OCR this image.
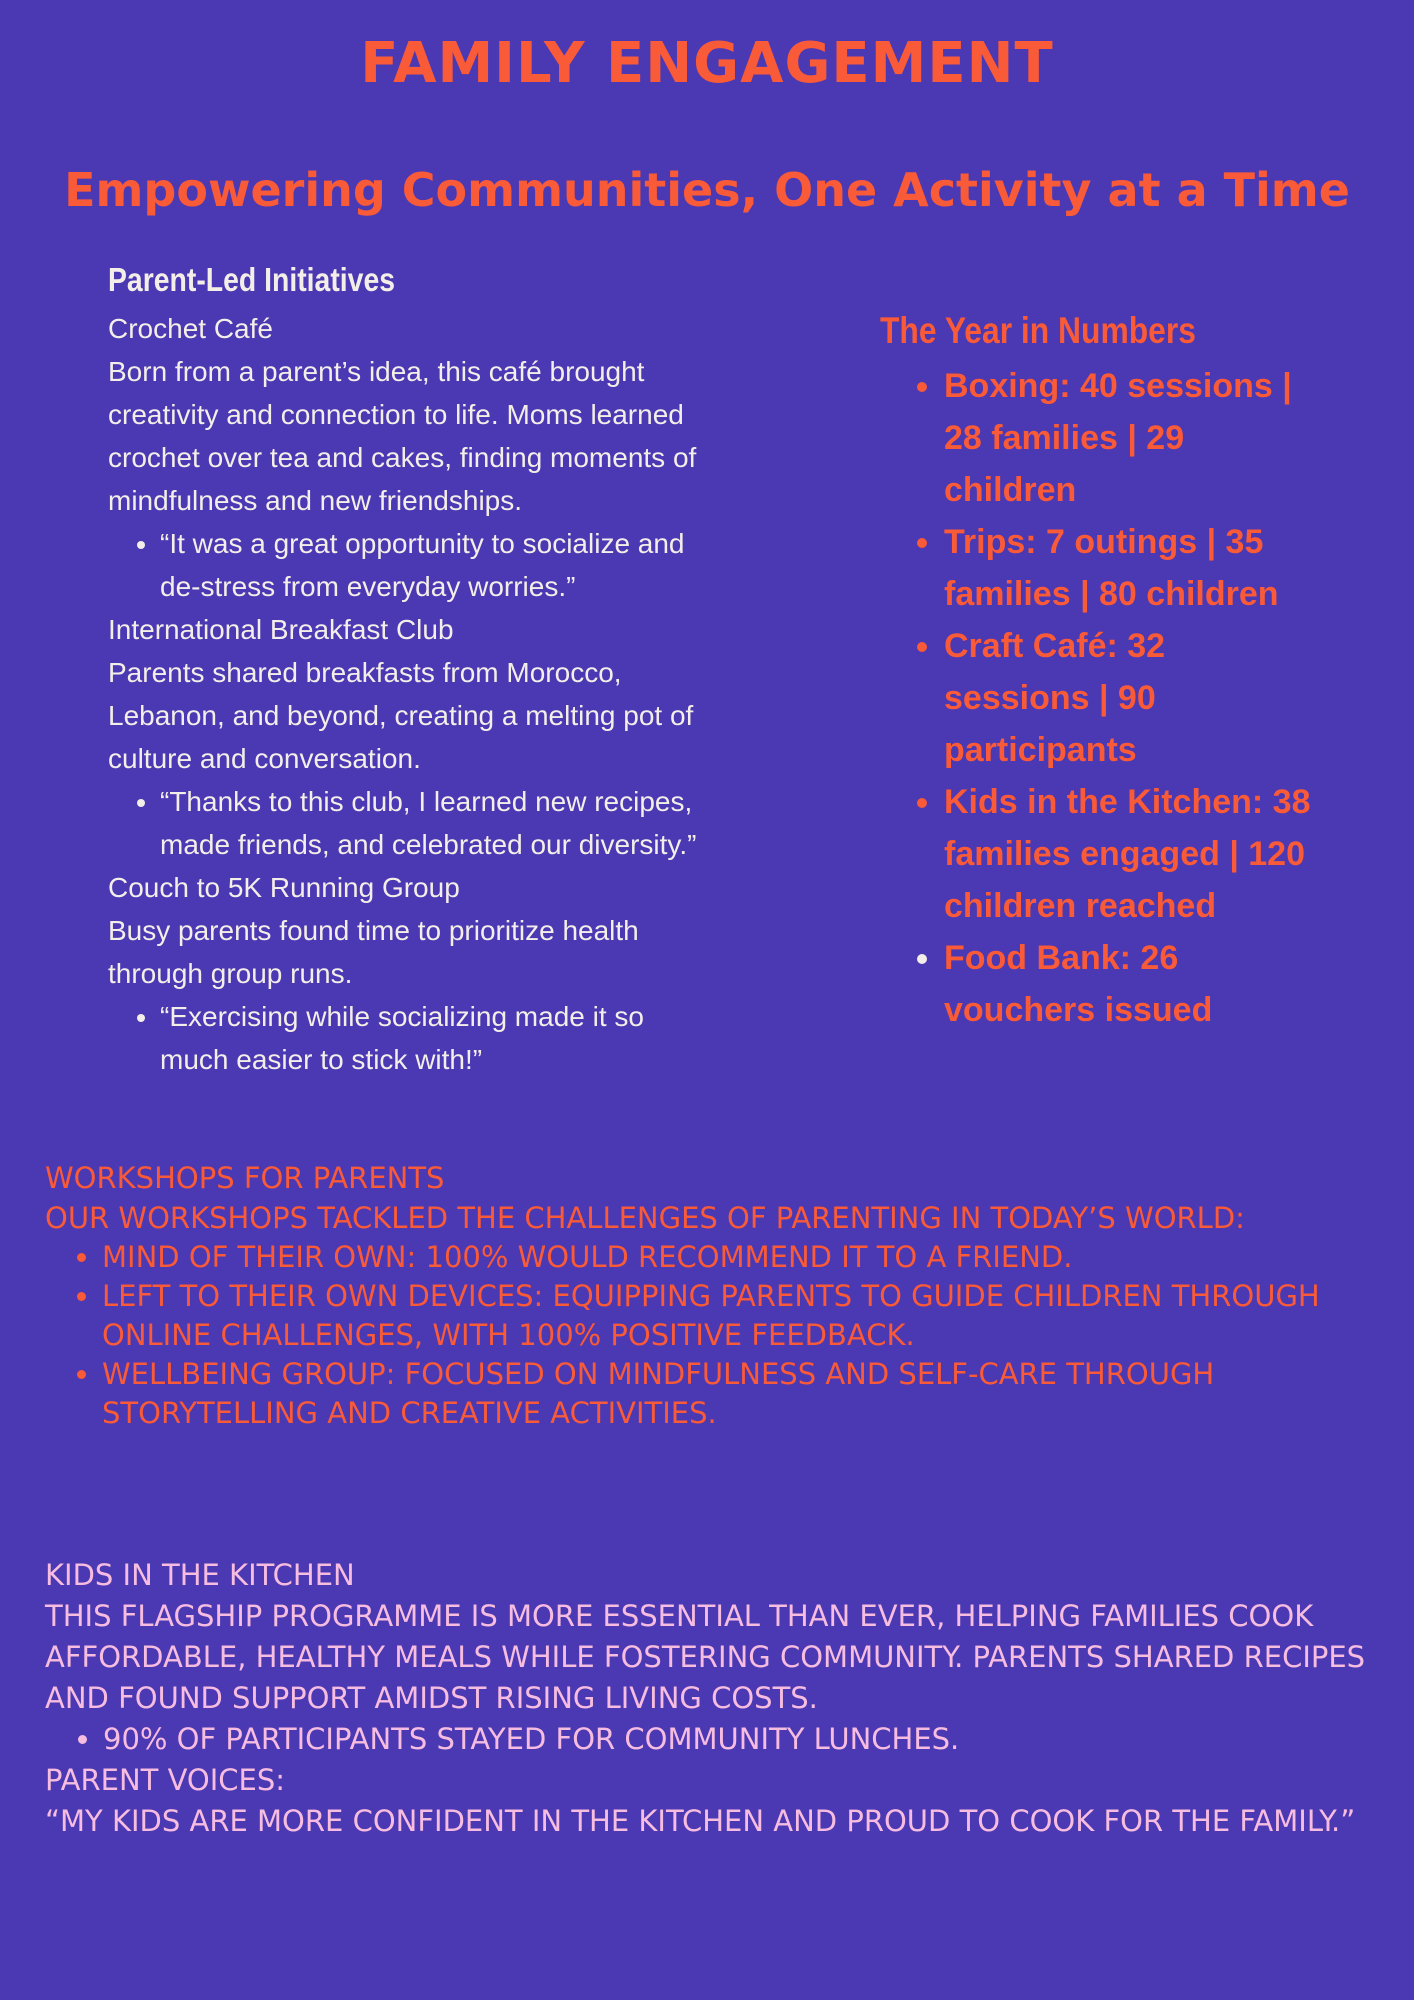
FAMILY ENGAGEMENT
Empowering Communities, One Activity at a Time
Parent-Led Initiatives
Crochet Café

Born from a parent’s idea, this café brought creativity and connection to life. Moms learned crochet over tea and cakes, finding moments of mindfulness and new friendships.

• “It was a great opportunity to socialize and de-stress from everyday worries.”
International Breakfast Club

Parents shared breakfasts from Morocco, Lebanon, and beyond, creating a melting pot of culture and conversation.

• “Thanks to this club, I learned new recipes, made friends, and celebrated our diversity.”
Couch to 5K Running Group

Busy parents found time to prioritize health through group runs.

• “Exercising while socializing made it so much easier to stick with!”
The Year in Numbers
• Boxing: 40 sessions | 28 families | 29 children
• Trips: 7 outings | 35 families | 80 children
• Craft Café: 32 sessions | 90 participants
• Kids in the Kitchen: 38 families engaged | 120 children reached
• Food Bank: 26 vouchers issued

WORKSHOPS FOR PARENTS

OUR WORKSHOPS TACKLED THE CHALLENGES OF PARENTING IN TODAY’S WORLD:

• MIND OF THEIR OWN: 100% WOULD RECOMMEND IT TO A FRIEND.
• LEFT TO THEIR OWN DEVICES: EQUIPPING PARENTS TO GUIDE CHILDREN THROUGH ONLINE CHALLENGES, WITH 100% POSITIVE FEEDBACK.
• WELLBEING GROUP: FOCUSED ON MINDFULNESS AND SELF-CARE THROUGH STORYTELLING AND CREATIVE ACTIVITIES.

KIDS IN THE KITCHEN

THIS FLAGSHIP PROGRAMME IS MORE ESSENTIAL THAN EVER, HELPING FAMILIES COOK AFFORDABLE, HEALTHY MEALS WHILE FOSTERING COMMUNITY. PARENTS SHARED RECIPES AND FOUND SUPPORT AMIDST RISING LIVING COSTS.

• 90% OF PARTICIPANTS STAYED FOR COMMUNITY LUNCHES.

PARENT VOICES:

“MY KIDS ARE MORE CONFIDENT IN THE KITCHEN AND PROUD TO COOK FOR THE FAMILY.”
